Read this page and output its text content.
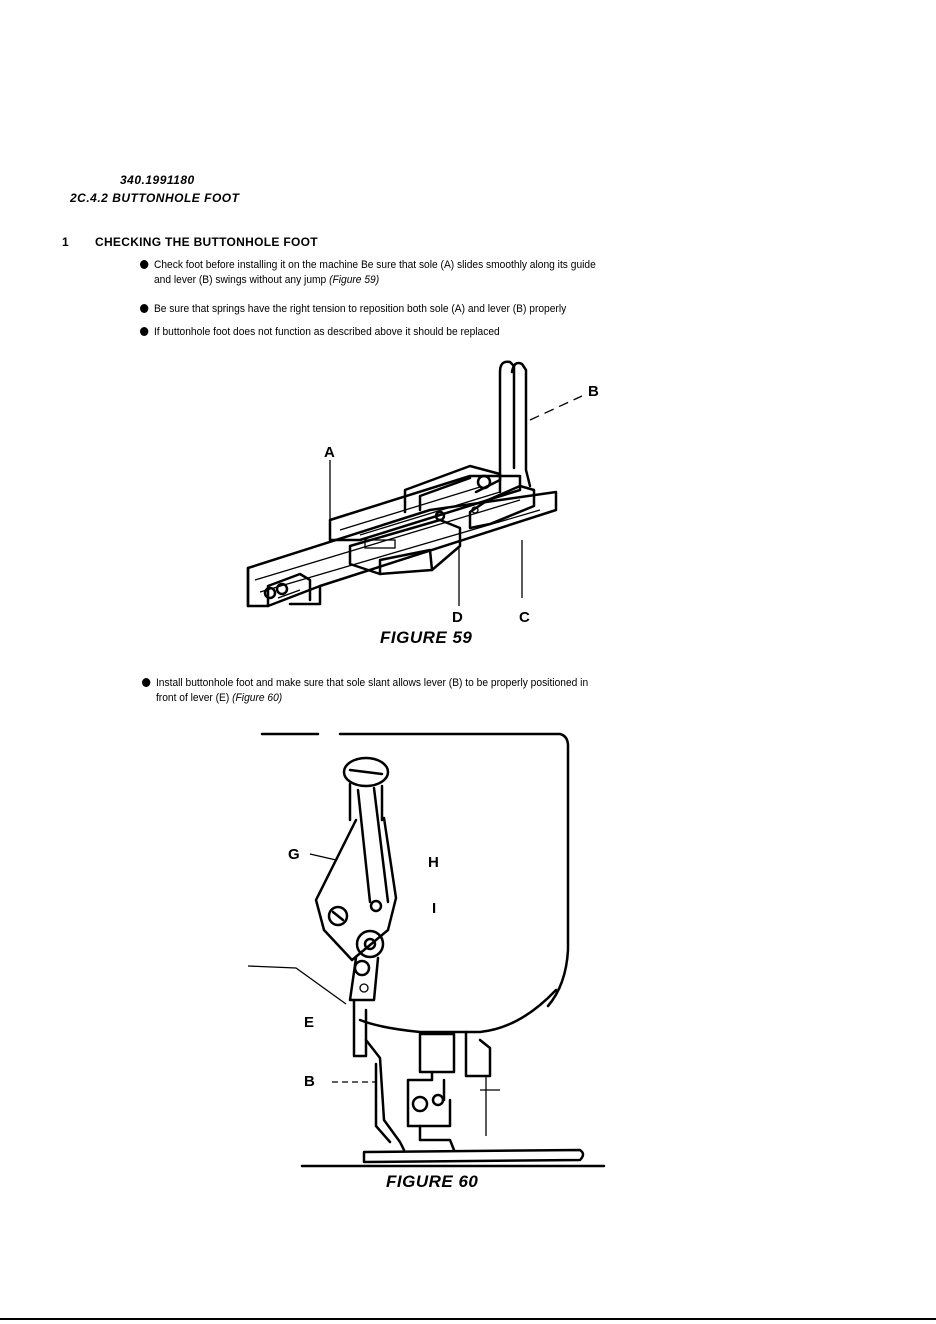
340.1991180
2C.4.2 BUTTONHOLE FOOT
1 CHECKING THE BUTTONHOLE FOOT
Check foot before installing it on the machine Be sure that sole (A) slides smoothly along its guide
and lever (B) swings without any jump (Figure 59)
Be sure that springs have the right tension to reposition both sole (A) and lever (B) properly
If buttonhole foot does not function as described above it should be replaced
B
A
D	C
FIGURE 59
Install buttonhole foot and make sure that sole slant allows lever (B) to be properly positioned in
front of lever (E) (Figure 60)
G	H
I
E
B
FIGURE 60
